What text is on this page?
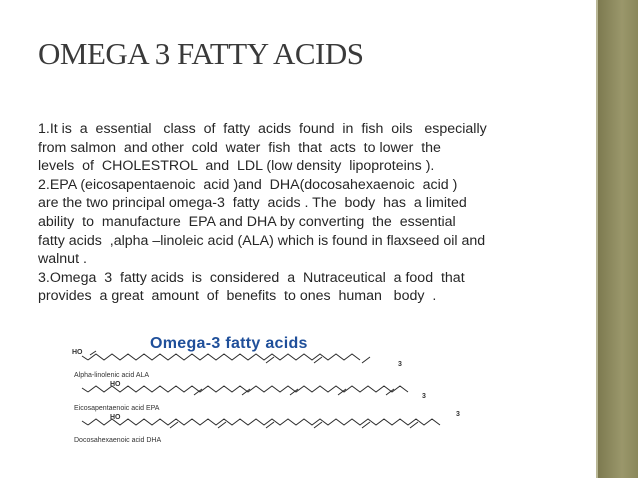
OMEGA 3 FATTY ACIDS

1.It is  a  essential   class  of  fatty  acids  found  in  fish  oils   especially

from salmon  and other  cold  water  fish  that  acts  to lower  the

levels  of  CHOLESTROL  and  LDL (low density  lipoproteins ).

2.EPA (eicosapentaenoic  acid )and  DHA(docosahexaenoic  acid )

are the two principal omega-3  fatty  acids . The  body  has  a limited

ability  to  manufacture  EPA and DHA by converting  the  essential

fatty acids  ,alpha –linoleic acid (ALA) which is found in flaxseed oil and

walnut .

3.Omega  3  fatty acids  is  considered  a  Nutraceutical  a food  that

provides  a great  amount  of  benefits  to ones  human   body  .

Omega-3 fatty acids
HO
3
Alpha-linolenic acid ALA
HO
3
Eicosapentaenoic acid EPA
HO	3
Docosahexaenoic acid DHA
